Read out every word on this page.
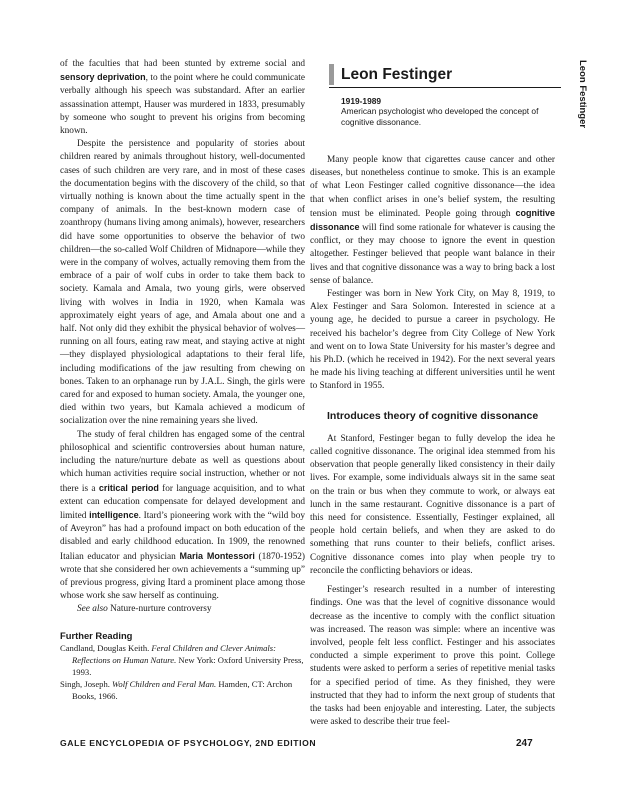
of the faculties that had been stunted by extreme social and sensory deprivation, to the point where he could communicate verbally although his speech was substandard. After an earlier assassination attempt, Hauser was murdered in 1833, presumably by someone who sought to prevent his origins from becoming known.

Despite the persistence and popularity of stories about children reared by animals throughout history, well-documented cases of such children are very rare, and in most of these cases the documentation begins with the discovery of the child, so that virtually nothing is known about the time actually spent in the company of animals. In the best-known modern case of zoanthropy (humans living among animals), however, researchers did have some opportunities to observe the behavior of two children—the so-called Wolf Children of Midnapore—while they were in the company of wolves, actually removing them from the embrace of a pair of wolf cubs in order to take them back to society. Kamala and Amala, two young girls, were observed living with wolves in India in 1920, when Kamala was approximately eight years of age, and Amala about one and a half. Not only did they exhibit the physical behavior of wolves—running on all fours, eating raw meat, and staying active at night—they displayed physiological adaptations to their feral life, including modifications of the jaw resulting from chewing on bones. Taken to an orphanage run by J.A.L. Singh, the girls were cared for and exposed to human society. Amala, the younger one, died within two years, but Kamala achieved a modicum of socialization over the nine remaining years she lived.

The study of feral children has engaged some of the central philosophical and scientific controversies about human nature, including the nature/nurture debate as well as questions about which human activities require social instruction, whether or not there is a critical period for language acquisition, and to what extent can education compensate for delayed development and limited intelligence. Itard’s pioneering work with the “wild boy of Aveyron” has had a profound impact on both education of the disabled and early childhood education. In 1909, the renowned Italian educator and physician Maria Montessori (1870-1952) wrote that she considered her own achievements a “summing up” of previous progress, giving Itard a prominent place among those whose work she saw herself as continuing.

See also Nature-nurture controversy

Further Reading

Candland, Douglas Keith. Feral Children and Clever Animals: Reflections on Human Nature. New York: Oxford University Press, 1993.

Singh, Joseph. Wolf Children and Feral Man. Hamden, CT: Archon Books, 1966.

Leon Festinger
1919-1989
American psychologist who developed the concept of cognitive dissonance.	Leon Festinger

Many people know that cigarettes cause cancer and other diseases, but nonetheless continue to smoke. This is an example of what Leon Festinger called cognitive dissonance—the idea that when conflict arises in one’s belief system, the resulting tension must be eliminated. People going through cognitive dissonance will find some rationale for whatever is causing the conflict, or they may choose to ignore the event in question altogether. Festinger believed that people want balance in their lives and that cognitive dissonance was a way to bring back a lost sense of balance.

Festinger was born in New York City, on May 8, 1919, to Alex Festinger and Sara Solomon. Interested in science at a young age, he decided to pursue a career in psychology. He received his bachelor’s degree from City College of New York and went on to Iowa State University for his master’s degree and his Ph.D. (which he received in 1942). For the next several years he made his living teaching at different universities until he went to Stanford in 1955.

Introduces theory of cognitive dissonance

At Stanford, Festinger began to fully develop the idea he called cognitive dissonance. The original idea stemmed from his observation that people generally liked consistency in their daily lives. For example, some individuals always sit in the same seat on the train or bus when they commute to work, or always eat lunch in the same restaurant. Cognitive dissonance is a part of this need for consistence. Essentially, Festinger explained, all people hold certain beliefs, and when they are asked to do something that runs counter to their beliefs, conflict arises. Cognitive dissonance comes into play when people try to reconcile the conflicting behaviors or ideas.

Festinger’s research resulted in a number of interesting findings. One was that the level of cognitive dissonance would decrease as the incentive to comply with the conflict situation was increased. The reason was simple: where an incentive was involved, people felt less conflict. Festinger and his associates conducted a simple experiment to prove this point. College students were asked to perform a series of repetitive menial tasks for a specified period of time. As they finished, they were instructed that they had to inform the next group of students that the tasks had been enjoyable and interesting. Later, the subjects were asked to describe their true feel-

GALE ENCYCLOPEDIA OF PSYCHOLOGY, 2ND EDITION	247
